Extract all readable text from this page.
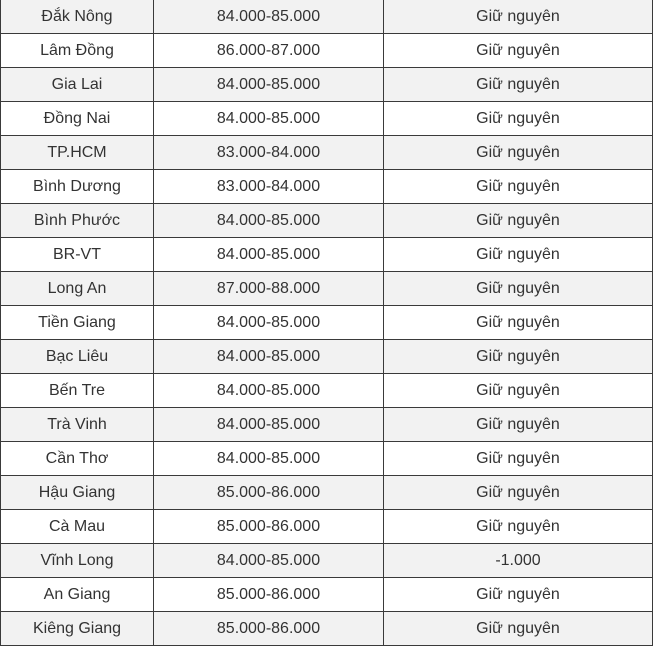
Đắk Nông	84.000-85.000	Giữ nguyên
Lâm Đồng	86.000-87.000	Giữ nguyên
Gia Lai	84.000-85.000	Giữ nguyên
Đồng Nai	84.000-85.000	Giữ nguyên
TP.HCM	83.000-84.000	Giữ nguyên
Bình Dương	83.000-84.000	Giữ nguyên
Bình Phước	84.000-85.000	Giữ nguyên
BR-VT	84.000-85.000	Giữ nguyên
Long An	87.000-88.000	Giữ nguyên
Tiền Giang	84.000-85.000	Giữ nguyên
Bạc Liêu	84.000-85.000	Giữ nguyên
Bến Tre	84.000-85.000	Giữ nguyên
Trà Vinh	84.000-85.000	Giữ nguyên
Cần Thơ	84.000-85.000	Giữ nguyên
Hậu Giang	85.000-86.000	Giữ nguyên
Cà Mau	85.000-86.000	Giữ nguyên
Vĩnh Long	84.000-85.000	-1.000
An Giang	85.000-86.000	Giữ nguyên
Kiêng Giang	85.000-86.000	Giữ nguyên
